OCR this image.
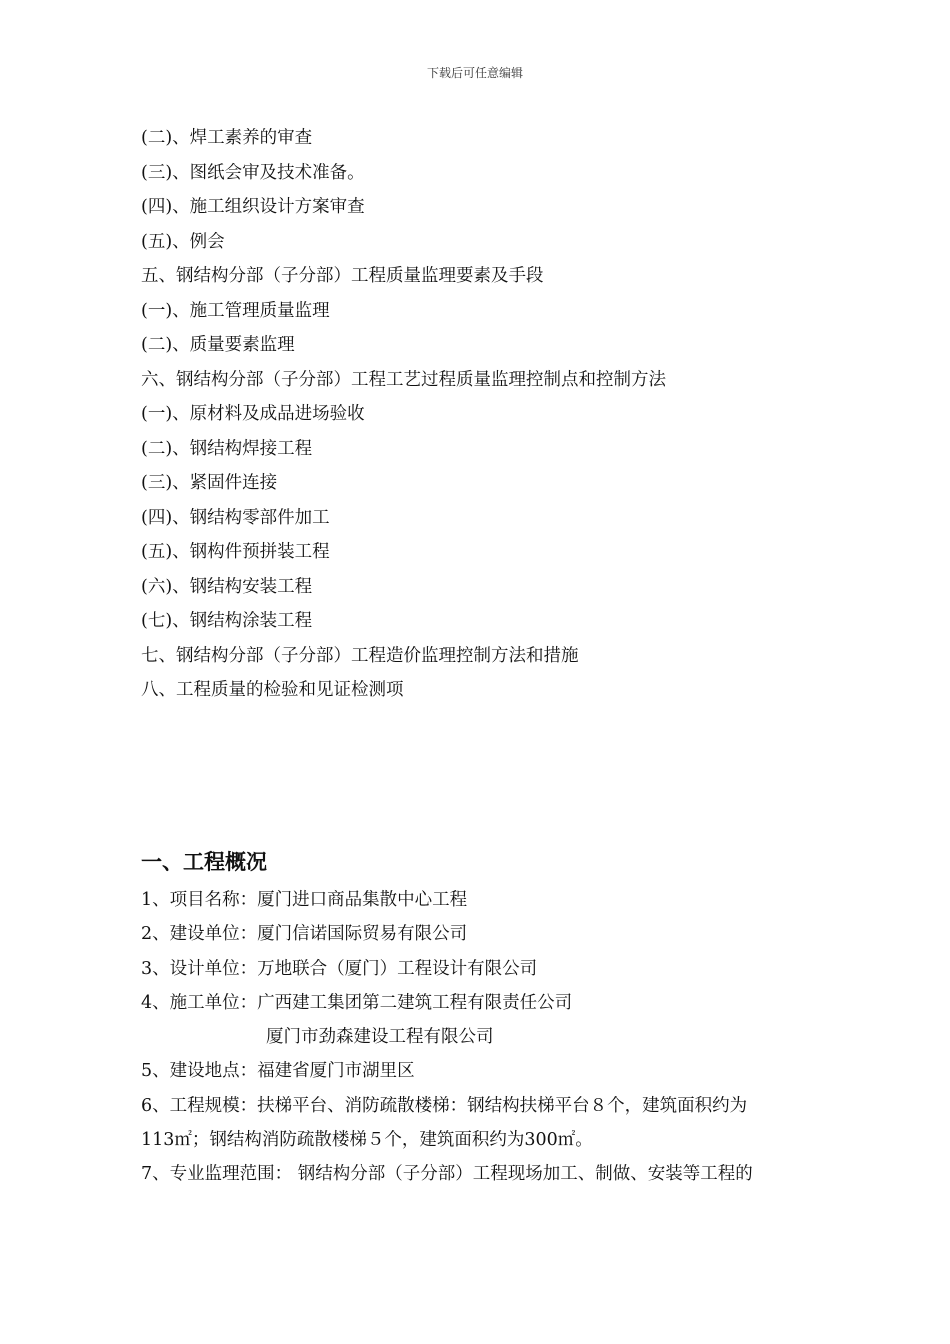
下载后可任意编辑
(二)、焊工素养的审查
(三)、图纸会审及技术准备。
(四)、施工组织设计方案审查
(五)、例会
五、钢结构分部（子分部）工程质量监理要素及手段
(一)、施工管理质量监理
(二)、质量要素监理
六、钢结构分部（子分部）工程工艺过程质量监理控制点和控制方法
(一)、原材料及成品进场验收
(二)、钢结构焊接工程
(三)、紧固件连接
(四)、钢结构零部件加工
(五)、钢构件预拼装工程
(六)、钢结构安装工程
(七)、钢结构涂装工程
七、钢结构分部（子分部）工程造价监理控制方法和措施
八、工程质量的检验和见证检测项
一、工程概况
1、项目名称：厦门进口商品集散中心工程
2、建设单位：厦门信诺国际贸易有限公司
3、设计单位：万地联合（厦门）工程设计有限公司
4、施工单位：广西建工集团第二建筑工程有限责任公司
厦门市劲森建设工程有限公司
5、建设地点：福建省厦门市湖里区
6、工程规模：扶梯平台、消防疏散楼梯：钢结构扶梯平台８个，建筑面积约为
113㎡；钢结构消防疏散楼梯５个，建筑面积约为300㎡。
7、专业监理范围： 钢结构分部（子分部）工程现场加工、制做、安装等工程的
